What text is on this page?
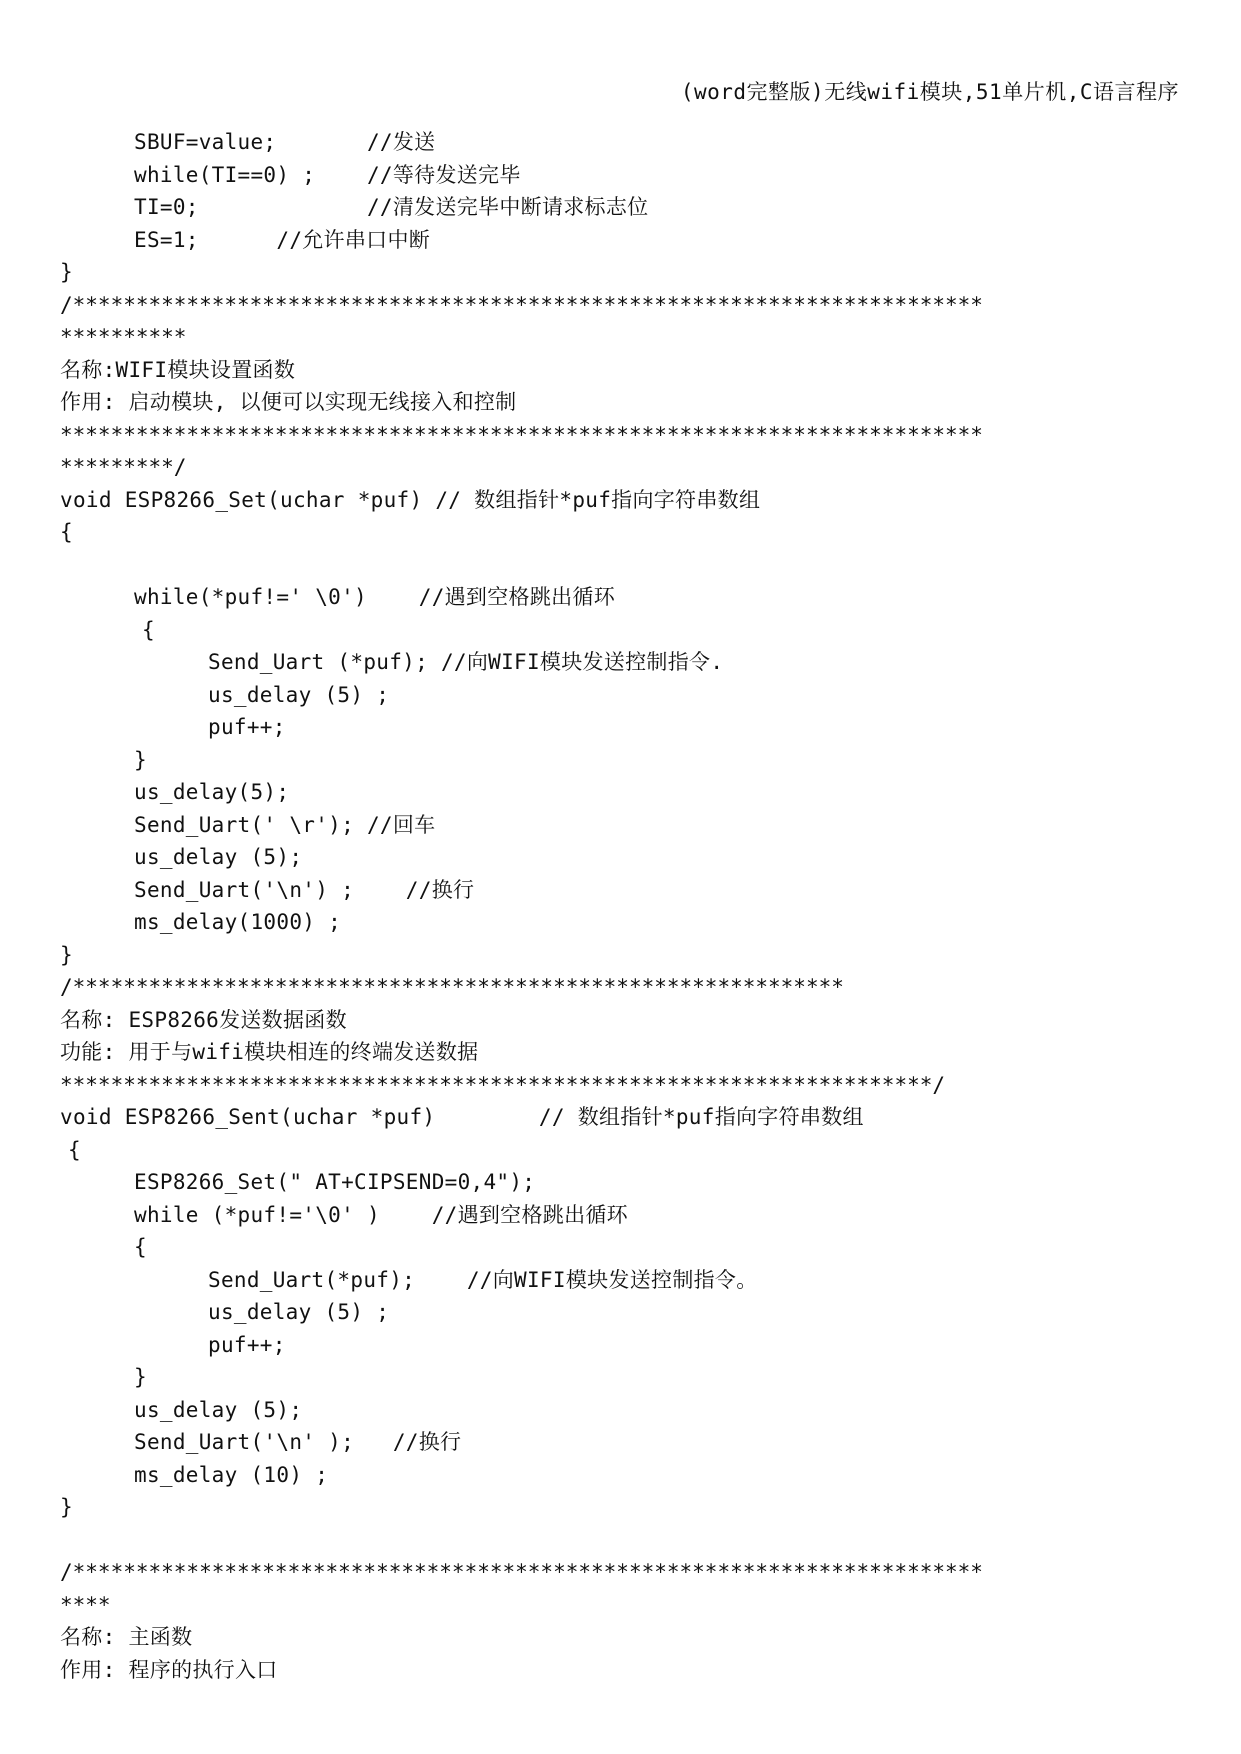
(word完整版)无线wifi模块,51单片机,C语言程序
SBUF=value;       //发送
while(TI==0) ;    //等待发送完毕
TI=0;             //清发送完毕中断请求标志位
ES=1;      //允许串口中断
}
/************************************************************************
**********
名称:WIFI模块设置函数
作用: 启动模块, 以便可以实现无线接入和控制
*************************************************************************
*********/
void ESP8266_Set(uchar *puf) // 数组指针*puf指向字符串数组
{
while(*puf!=' \0')    //遇到空格跳出循环
{
Send_Uart (*puf); //向WIFI模块发送控制指令.
us_delay (5) ;
puf++;
}
us_delay(5);
Send_Uart(' \r'); //回车
us_delay (5);
Send_Uart('\n') ;    //换行
ms_delay(1000) ;
}
/*************************************************************
名称: ESP8266发送数据函数
功能: 用于与wifi模块相连的终端发送数据
*********************************************************************/
void ESP8266_Sent(uchar *puf)        // 数组指针*puf指向字符串数组
{
ESP8266_Set(" AT+CIPSEND=0,4");
while (*puf!='\0' )    //遇到空格跳出循环
{
Send_Uart(*puf);    //向WIFI模块发送控制指令。
us_delay (5) ;
puf++;
}
us_delay (5);
Send_Uart('\n' );   //换行
ms_delay (10) ;
}
/************************************************************************
****
名称: 主函数
作用: 程序的执行入口
